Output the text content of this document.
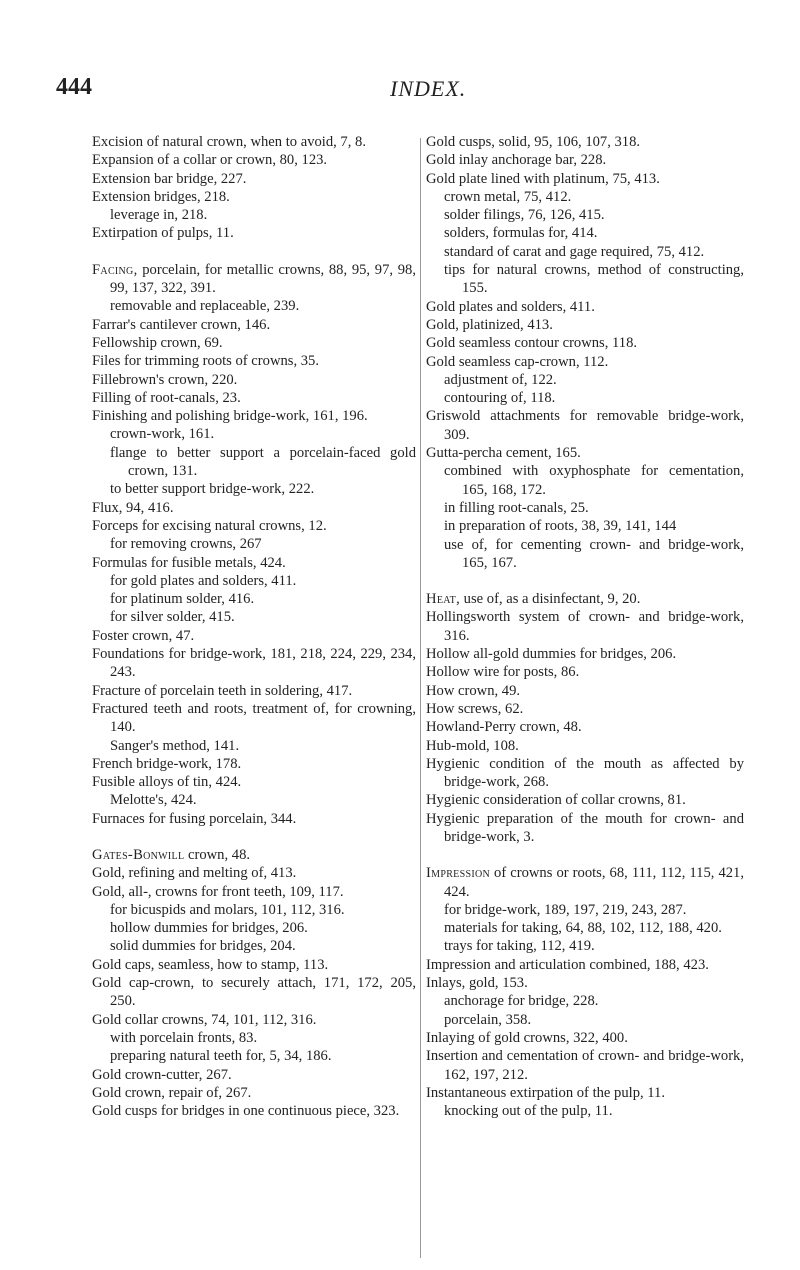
444	INDEX.
Excision of natural crown, when to avoid, 7, 8.
Expansion of a collar or crown, 80, 123.
Extension bar bridge, 227.
Extension bridges, 218.
leverage in, 218.
Extirpation of pulps, 11.
Facing, porcelain, for metallic crowns, 88, 95, 97, 98, 99, 137, 322, 391.
removable and replaceable, 239.
Farrar's cantilever crown, 146.
Fellowship crown, 69.
Files for trimming roots of crowns, 35.
Fillebrown's crown, 220.
Filling of root-canals, 23.
Finishing and polishing bridge-work, 161, 196.
crown-work, 161.
flange to better support a porcelain-faced gold crown, 131.
to better support bridge-work, 222.
Flux, 94, 416.
Forceps for excising natural crowns, 12.
for removing crowns, 267
Formulas for fusible metals, 424.
for gold plates and solders, 411.
for platinum solder, 416.
for silver solder, 415.
Foster crown, 47.
Foundations for bridge-work, 181, 218, 224, 229, 234, 243.
Fracture of porcelain teeth in soldering, 417.
Fractured teeth and roots, treatment of, for crowning, 140.
Sanger's method, 141.
French bridge-work, 178.
Fusible alloys of tin, 424.
Melotte's, 424.
Furnaces for fusing porcelain, 344.
Gates-Bonwill crown, 48.
Gold, refining and melting of, 413.
Gold, all-, crowns for front teeth, 109, 117.
for bicuspids and molars, 101, 112, 316.
hollow dummies for bridges, 206.
solid dummies for bridges, 204.
Gold caps, seamless, how to stamp, 113.
Gold cap-crown, to securely attach, 171, 172, 205, 250.
Gold collar crowns, 74, 101, 112, 316.
with porcelain fronts, 83.
preparing natural teeth for, 5, 34, 186.
Gold crown-cutter, 267.
Gold crown, repair of, 267.
Gold cusps for bridges in one continuous piece, 323.
Gold cusps, solid, 95, 106, 107, 318.
Gold inlay anchorage bar, 228.
Gold plate lined with platinum, 75, 413.
crown metal, 75, 412.
solder filings, 76, 126, 415.
solders, formulas for, 414.
standard of carat and gage required, 75, 412.
tips for natural crowns, method of constructing, 155.
Gold plates and solders, 411.
Gold, platinized, 413.
Gold seamless contour crowns, 118.
Gold seamless cap-crown, 112.
adjustment of, 122.
contouring of, 118.
Griswold attachments for removable bridge-work, 309.
Gutta-percha cement, 165.
combined with oxyphosphate for cementation, 165, 168, 172.
in filling root-canals, 25.
in preparation of roots, 38, 39, 141, 144
use of, for cementing crown- and bridge-work, 165, 167.
Heat, use of, as a disinfectant, 9, 20.
Hollingsworth system of crown- and bridge-work, 316.
Hollow all-gold dummies for bridges, 206.
Hollow wire for posts, 86.
How crown, 49.
How screws, 62.
Howland-Perry crown, 48.
Hub-mold, 108.
Hygienic condition of the mouth as affected by bridge-work, 268.
Hygienic consideration of collar crowns, 81.
Hygienic preparation of the mouth for crown- and bridge-work, 3.
Impression of crowns or roots, 68, 111, 112, 115, 421, 424.
for bridge-work, 189, 197, 219, 243, 287.
materials for taking, 64, 88, 102, 112, 188, 420.
trays for taking, 112, 419.
Impression and articulation combined, 188, 423.
Inlays, gold, 153.
anchorage for bridge, 228.
porcelain, 358.
Inlaying of gold crowns, 322, 400.
Insertion and cementation of crown- and bridge-work, 162, 197, 212.
Instantaneous extirpation of the pulp, 11.
knocking out of the pulp, 11.
